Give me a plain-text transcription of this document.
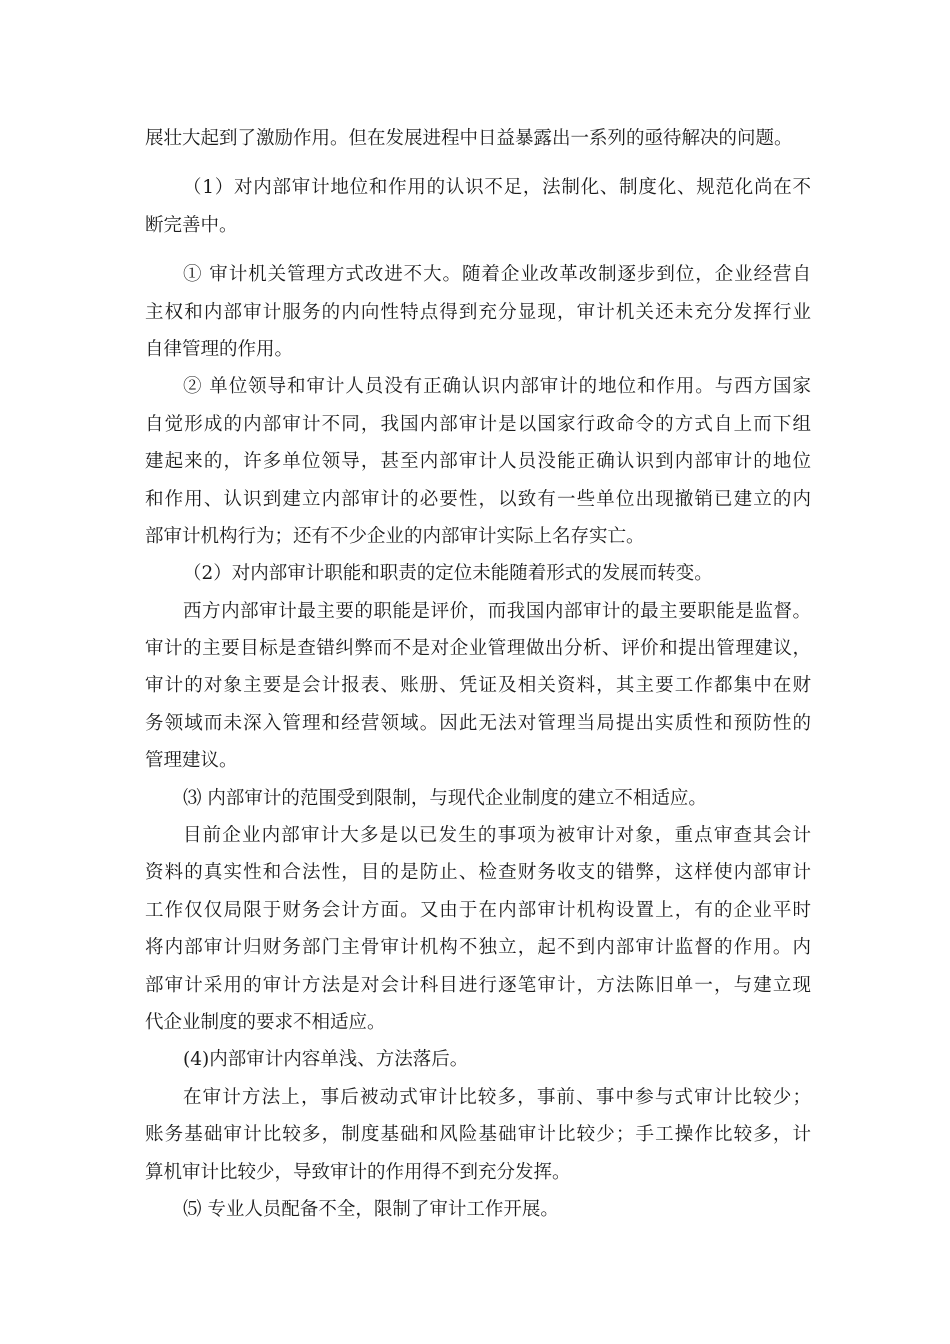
展壮大起到了激励作用。但在发展进程中日益暴露出一系列的亟待解决的问题。
（1）对内部审计地位和作用的认识不足，法制化、制度化、规范化尚在不
断完善中。
① 审计机关管理方式改进不大。随着企业改革改制逐步到位，企业经营自
主权和内部审计服务的内向性特点得到充分显现，审计机关还未充分发挥行业
自律管理的作用。
② 单位领导和审计人员没有正确认识内部审计的地位和作用。与西方国家
自觉形成的内部审计不同，我国内部审计是以国家行政命令的方式自上而下组
建起来的，许多单位领导，甚至内部审计人员没能正确认识到内部审计的地位
和作用、认识到建立内部审计的必要性，以致有一些单位出现撤销已建立的内
部审计机构行为；还有不少企业的内部审计实际上名存实亡。
（2）对内部审计职能和职责的定位未能随着形式的发展而转变。
西方内部审计最主要的职能是评价，而我国内部审计的最主要职能是监督。
审计的主要目标是查错纠弊而不是对企业管理做出分析、评价和提出管理建议，
审计的对象主要是会计报表、账册、凭证及相关资料，其主要工作都集中在财
务领域而未深入管理和经营领域。因此无法对管理当局提出实质性和预防性的
管理建议。
⑶ 内部审计的范围受到限制，与现代企业制度的建立不相适应。
目前企业内部审计大多是以已发生的事项为被审计对象，重点审查其会计
资料的真实性和合法性，目的是防止、检查财务收支的错弊，这样使内部审计
工作仅仅局限于财务会计方面。又由于在内部审计机构设置上，有的企业平时
将内部审计归财务部门主骨审计机构不独立，起不到内部审计监督的作用。内
部审计采用的审计方法是对会计科目进行逐笔审计，方法陈旧单一，与建立现
代企业制度的要求不相适应。
(4)内部审计内容单浅、方法落后。
在审计方法上，事后被动式审计比较多，事前、事中参与式审计比较少；
账务基础审计比较多，制度基础和风险基础审计比较少；手工操作比较多，计
算机审计比较少，导致审计的作用得不到充分发挥。
⑸ 专业人员配备不全，限制了审计工作开展。
